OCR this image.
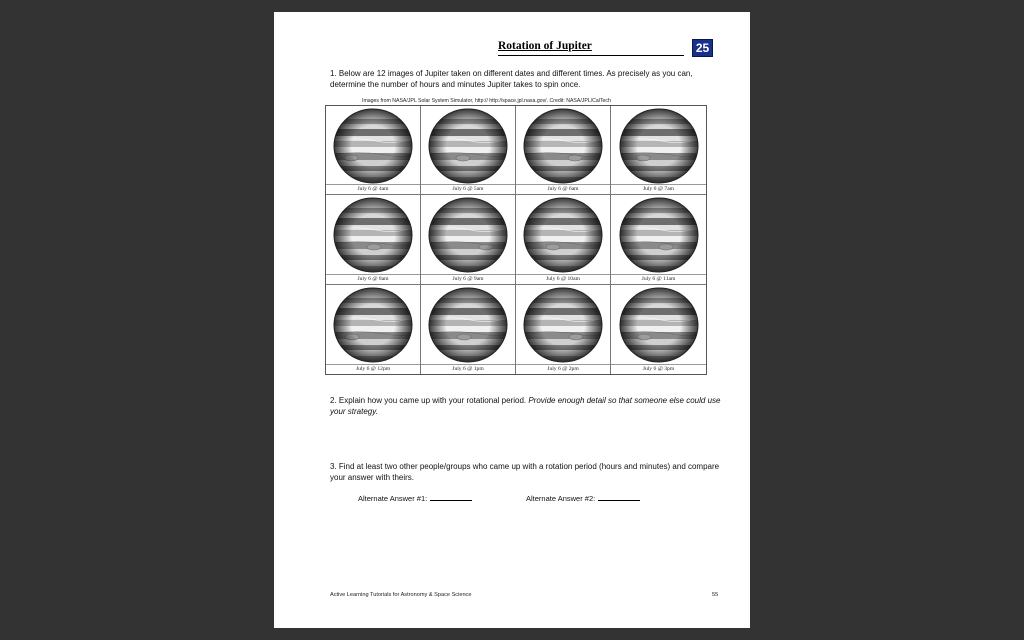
Rotation of Jupiter	25
1. Below are 12 images of Jupiter taken on different dates and different times. As precisely as you can, determine the number of hours and minutes Jupiter takes to spin once.
Images from NASA/JPL Solar System Simulator, http:// http://space.jpl.nasa.gov/. Credit: NASA/JPL/CalTech
July 6 @ 4am	July 6 @ 5am	July 6 @ 6am	July 6 @ 7am
July 6 @ 8am	July 6 @ 9am	July 6 @ 10am	July 6 @ 11am
July 6 @ 12pm	July 6 @ 1pm	July 6 @ 2pm	July 6 @ 3pm
2. Explain how you came up with your rotational period. Provide enough detail so that someone else could use your strategy.
3. Find at least two other people/groups who came up with a rotation period (hours and minutes) and compare your answer with theirs.
Alternate Answer #1:	Alternate Answer #2:
Active Learning Tutorials for Astronomy & Space Science	55
